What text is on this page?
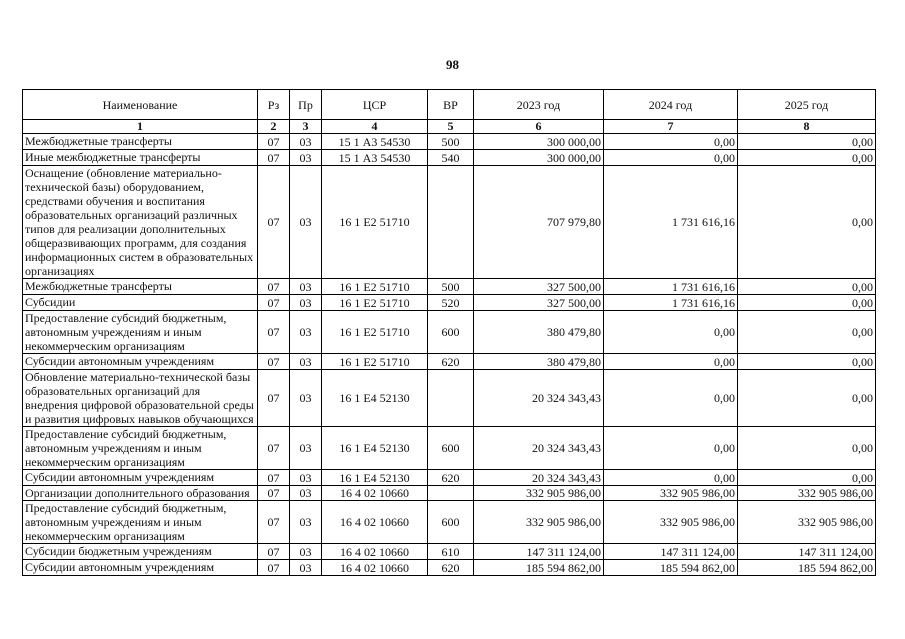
98
Наименование	Рз	Пр	ЦСР	ВР	2023 год	2024 год	2025 год
1	2	3	4	5	6	7	8
Межбюджетные трансферты	07	03	15 1 А3 54530	500	300 000,00	0,00	0,00
Иные межбюджетные трансферты	07	03	15 1 А3 54530	540	300 000,00	0,00	0,00
Оснащение (обновление материально-технической базы) оборудованием, средствами обучения и воспитания образовательных организаций различных типов для реализации дополнительных общеразвивающих программ, для создания информационных систем в образовательных организациях	07	03	16 1 Е2 51710		707 979,80	1 731 616,16	0,00
Межбюджетные трансферты	07	03	16 1 Е2 51710	500	327 500,00	1 731 616,16	0,00
Субсидии	07	03	16 1 Е2 51710	520	327 500,00	1 731 616,16	0,00
Предоставление субсидий бюджетным, автономным учреждениям и иным некоммерческим организациям	07	03	16 1 Е2 51710	600	380 479,80	0,00	0,00
Субсидии автономным учреждениям	07	03	16 1 Е2 51710	620	380 479,80	0,00	0,00
Обновление материально-технической базы образовательных организаций для внедрения цифровой образовательной среды и развития цифровых навыков обучающихся	07	03	16 1 Е4 52130		20 324 343,43	0,00	0,00
Предоставление субсидий бюджетным, автономным учреждениям и иным некоммерческим организациям	07	03	16 1 Е4 52130	600	20 324 343,43	0,00	0,00
Субсидии автономным учреждениям	07	03	16 1 Е4 52130	620	20 324 343,43	0,00	0,00
Организации дополнительного образования	07	03	16 4 02 10660		332 905 986,00	332 905 986,00	332 905 986,00
Предоставление субсидий бюджетным, автономным учреждениям и иным некоммерческим организациям	07	03	16 4 02 10660	600	332 905 986,00	332 905 986,00	332 905 986,00
Субсидии бюджетным учреждениям	07	03	16 4 02 10660	610	147 311 124,00	147 311 124,00	147 311 124,00
Субсидии автономным учреждениям	07	03	16 4 02 10660	620	185 594 862,00	185 594 862,00	185 594 862,00
